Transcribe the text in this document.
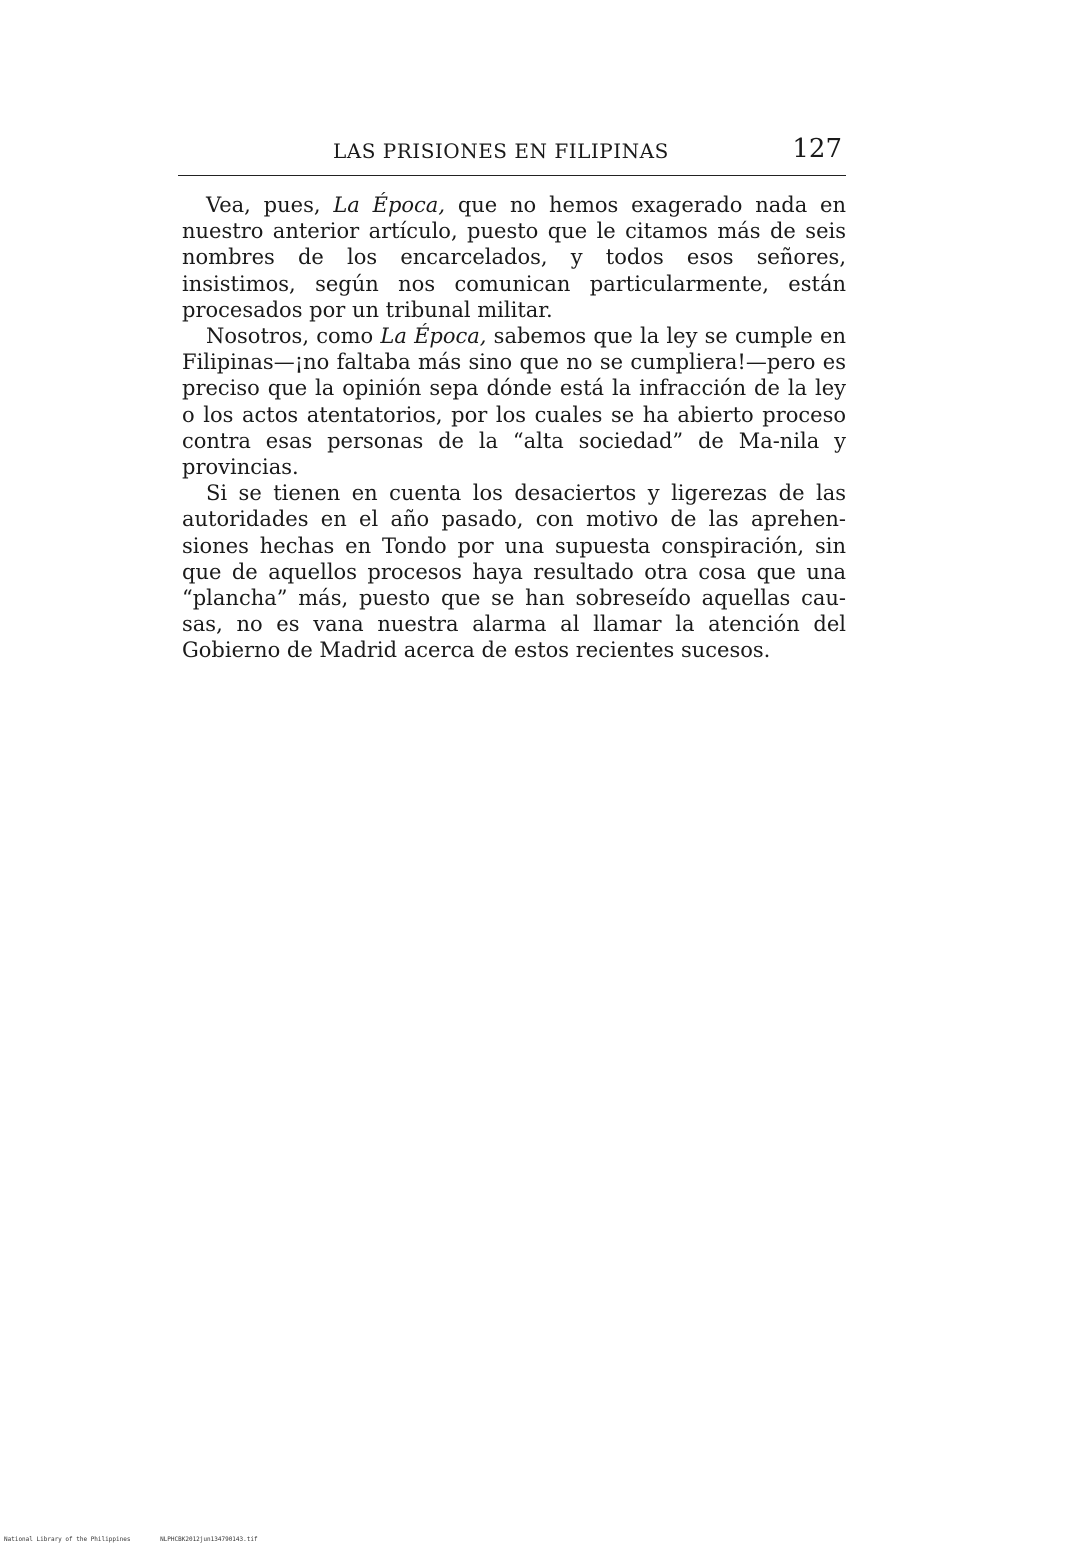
LAS PRISIONES EN FILIPINAS	127

Vea, pues, La Época, que no hemos exagerado nada en nuestro anterior artículo, puesto que le citamos más de seis nombres de los encarcelados, y todos esos señores, insistimos, según nos comunican particularmente, están procesados por un tribunal militar.

Nosotros, como La Época, sabemos que la ley se cumple en Filipinas—¡no faltaba más sino que no se cumpliera!—pero es preciso que la opinión sepa dónde está la infracción de la ley o los actos atentatorios, por los cuales se ha abierto proceso contra esas personas de la “alta sociedad” de Ma-nila y provincias.

Si se tienen en cuenta los desaciertos y ligerezas de las autoridades en el año pasado, con motivo de las aprehen-siones hechas en Tondo por una supuesta conspiración, sin que de aquellos procesos haya resultado otra cosa que una “plancha” más, puesto que se han sobreseído aquellas cau-sas, no es vana nuestra alarma al llamar la atención del Gobierno de Madrid acerca de estos recientes sucesos.

National Library of the Philippines	NLPHCBK2012jun134790143.tif
